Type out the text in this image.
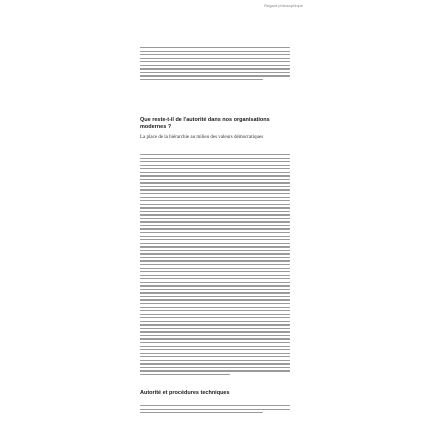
Regard philosophique

Que reste-t-il de l'autorité dans nos organisations modernes ?

La place de la hiérarchie au milieu des valeurs démocratiques

Autorité et procédures techniques
